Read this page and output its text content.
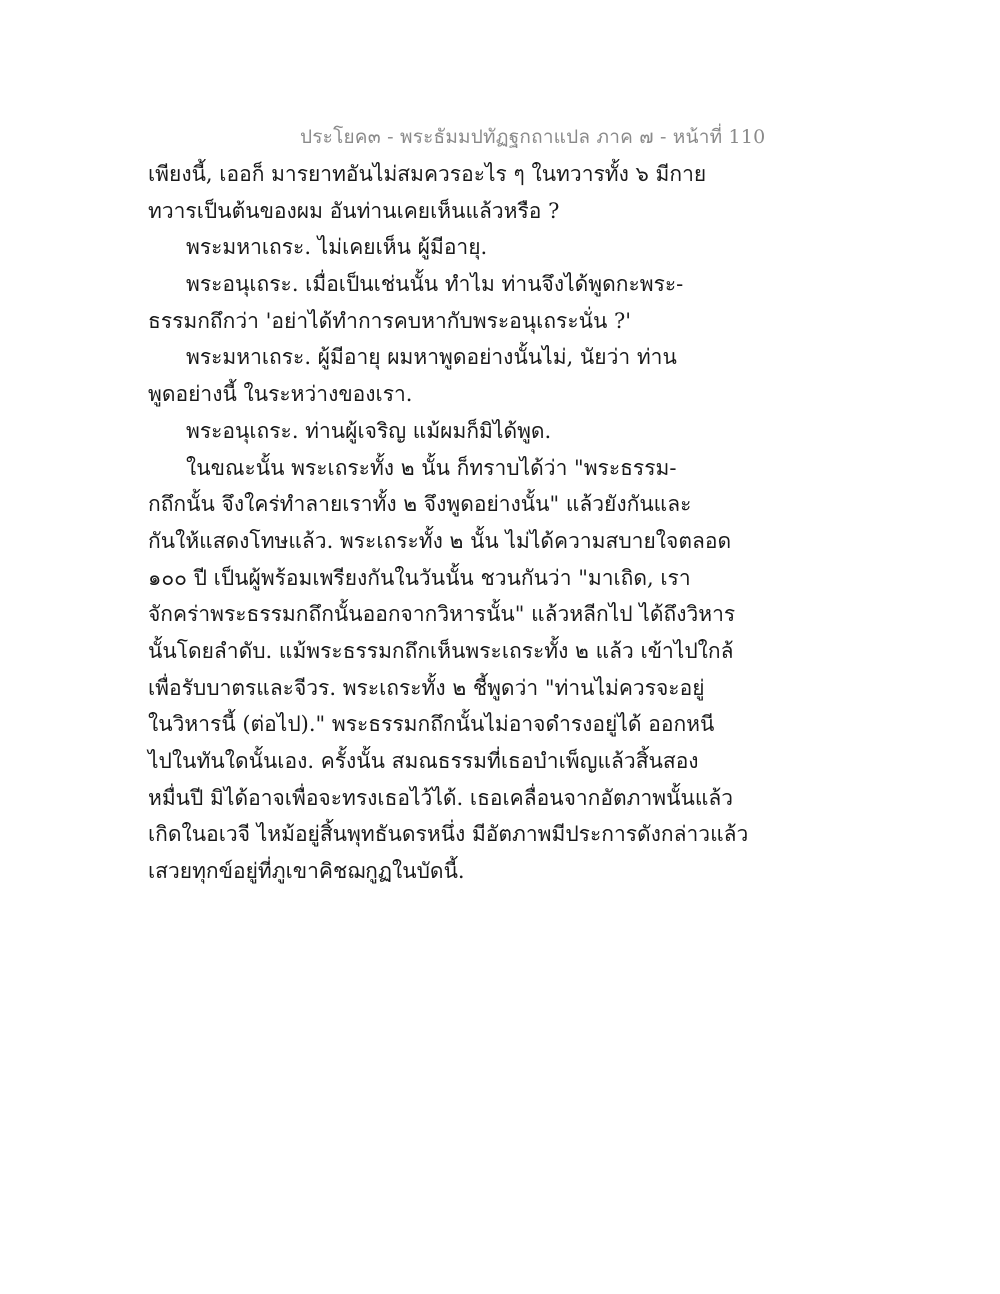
ประโยค๓ - พระธัมมปทัฏฐกถาแปล ภาค ๗ - หน้าที่ 110
เพียงนี้, เออก็ มารยาทอันไม่สมควรอะไร ๆ ในทวารทั้ง ๖ มีกาย
ทวารเป็นต้นของผม อันท่านเคยเห็นแล้วหรือ ?
พระมหาเถระ. ไม่เคยเห็น ผู้มีอายุ.
พระอนุเถระ. เมื่อเป็นเช่นนั้น ทำไม ท่านจึงได้พูดกะพระ-
ธรรมกถึกว่า 'อย่าได้ทำการคบหากับพระอนุเถระนั่น ?'
พระมหาเถระ. ผู้มีอายุ ผมหาพูดอย่างนั้นไม่, นัยว่า ท่าน
พูดอย่างนี้ ในระหว่างของเรา.
พระอนุเถระ. ท่านผู้เจริญ แม้ผมก็มิได้พูด.
ในขณะนั้น พระเถระทั้ง ๒ นั้น ก็ทราบได้ว่า "พระธรรม-
กถึกนั้น จึงใคร่ทำลายเราทั้ง ๒ จึงพูดอย่างนั้น" แล้วยังกันและ
กันให้แสดงโทษแล้ว. พระเถระทั้ง ๒ นั้น ไม่ได้ความสบายใจตลอด
๑๐๐ ปี เป็นผู้พร้อมเพรียงกันในวันนั้น ชวนกันว่า "มาเถิด, เรา
จักคร่าพระธรรมกถึกนั้นออกจากวิหารนั้น" แล้วหลีกไป ได้ถึงวิหาร
นั้นโดยลำดับ. แม้พระธรรมกถึกเห็นพระเถระทั้ง ๒ แล้ว เข้าไปใกล้
เพื่อรับบาตรและจีวร. พระเถระทั้ง ๒ ชี้พูดว่า "ท่านไม่ควรจะอยู่
ในวิหารนี้ (ต่อไป)." พระธรรมกถึกนั้นไม่อาจดำรงอยู่ได้ ออกหนี
ไปในทันใดนั้นเอง. ครั้งนั้น สมณธรรมที่เธอบำเพ็ญแล้วสิ้นสอง
หมื่นปี มิได้อาจเพื่อจะทรงเธอไว้ได้. เธอเคลื่อนจากอัตภาพนั้นแล้ว
เกิดในอเวจี ไหม้อยู่สิ้นพุทธันดรหนึ่ง มีอัตภาพมีประการดังกล่าวแล้ว
เสวยทุกข์อยู่ที่ภูเขาคิชฌกูฏในบัดนี้.
